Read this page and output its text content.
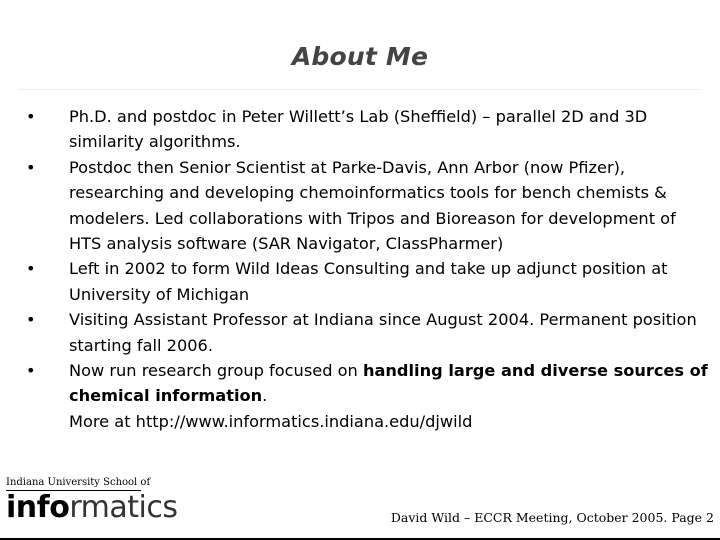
About Me
• Ph.D. and postdoc in Peter Willett’s Lab (Sheffield) – parallel 2D and 3D similarity algorithms.
• Postdoc then Senior Scientist at Parke-Davis, Ann Arbor (now Pfizer), researching and developing chemoinformatics tools for bench chemists & modelers. Led collaborations with Tripos and Bioreason for development of HTS analysis software (SAR Navigator, ClassPharmer)
• Left in 2002 to form Wild Ideas Consulting and take up adjunct position at University of Michigan
• Visiting Assistant Professor at Indiana since August 2004. Permanent position starting fall 2006.
• Now run research group focused on handling large and diverse sources of chemical information.
More at http://www.informatics.indiana.edu/djwild
Indiana University School of
informatics	David Wild – ECCR Meeting, October 2005. Page 2
